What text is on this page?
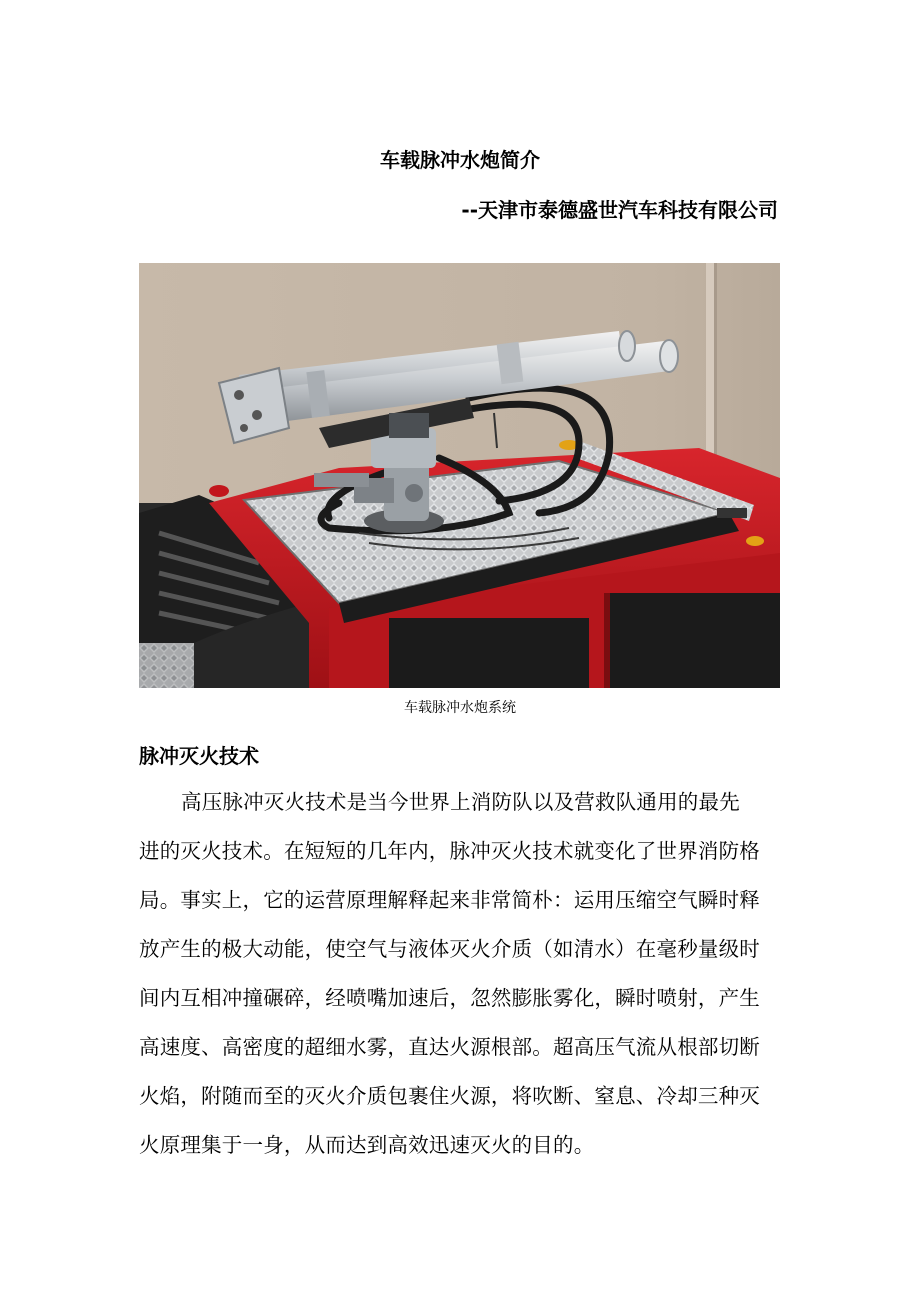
车载脉冲水炮简介
--天津市泰德盛世汽车科技有限公司
车载脉冲水炮系统
脉冲灭火技术
高压脉冲灭火技术是当今世界上消防队以及营救队通用的最先
进的灭火技术。在短短的几年内，脉冲灭火技术就变化了世界消防格
局。事实上，它的运营原理解释起来非常简朴：运用压缩空气瞬时释
放产生的极大动能，使空气与液体灭火介质（如清水）在毫秒量级时
间内互相冲撞碾碎，经喷嘴加速后，忽然膨胀雾化，瞬时喷射，产生
高速度、高密度的超细水雾，直达火源根部。超高压气流从根部切断
火焰，附随而至的灭火介质包裹住火源，将吹断、窒息、冷却三种灭
火原理集于一身，从而达到高效迅速灭火的目的。
